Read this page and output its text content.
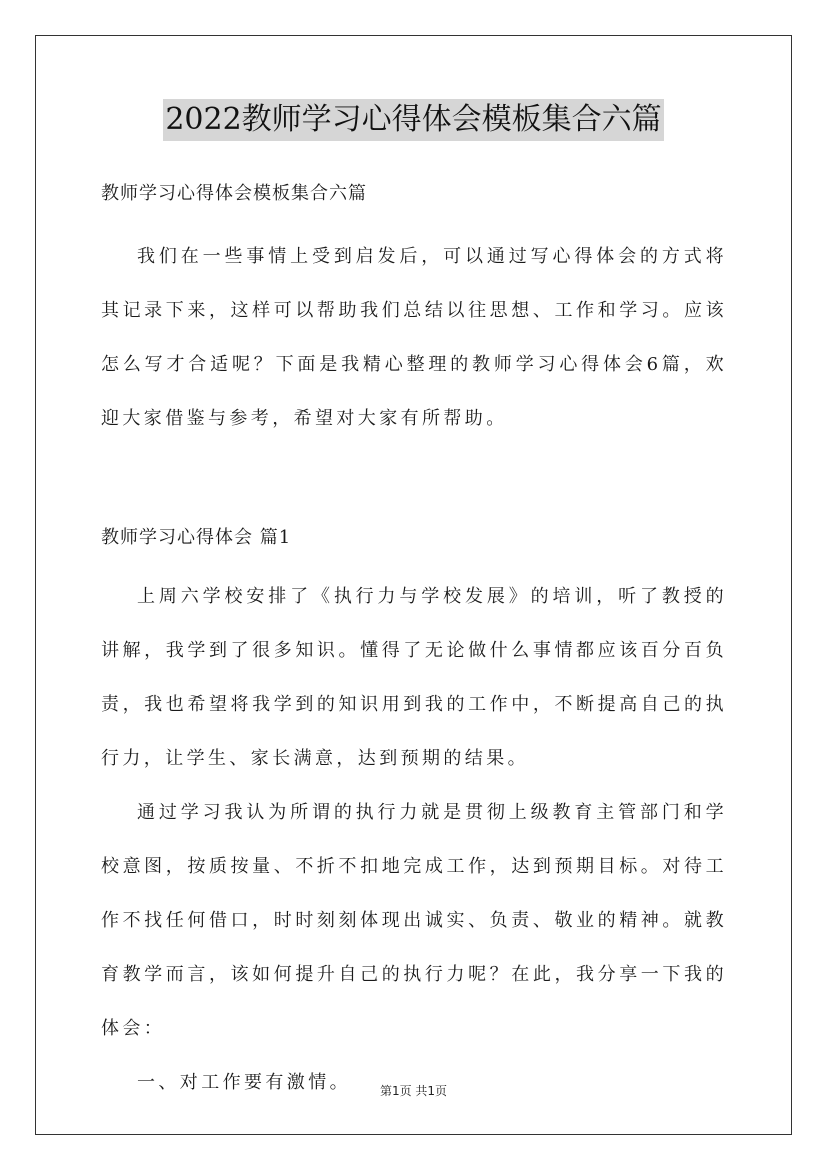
2022教师学习心得体会模板集合六篇

教师学习心得体会模板集合六篇

我们在一些事情上受到启发后，可以通过写心得体会的方式将其记录下来，这样可以帮助我们总结以往思想、工作和学习。应该怎么写才合适呢？下面是我精心整理的教师学习心得体会6篇，欢迎大家借鉴与参考，希望对大家有所帮助。

教师学习心得体会 篇1

上周六学校安排了《执行力与学校发展》的培训，听了教授的讲解，我学到了很多知识。懂得了无论做什么事情都应该百分百负责，我也希望将我学到的知识用到我的工作中，不断提高自己的执行力，让学生、家长满意，达到预期的结果。

通过学习我认为所谓的执行力就是贯彻上级教育主管部门和学校意图，按质按量、不折不扣地完成工作，达到预期目标。对待工作不找任何借口，时时刻刻体现出诚实、负责、敬业的精神。就教育教学而言，该如何提升自己的执行力呢？在此，我分享一下我的体会：

一、对工作要有激情。	第1页 共1页
